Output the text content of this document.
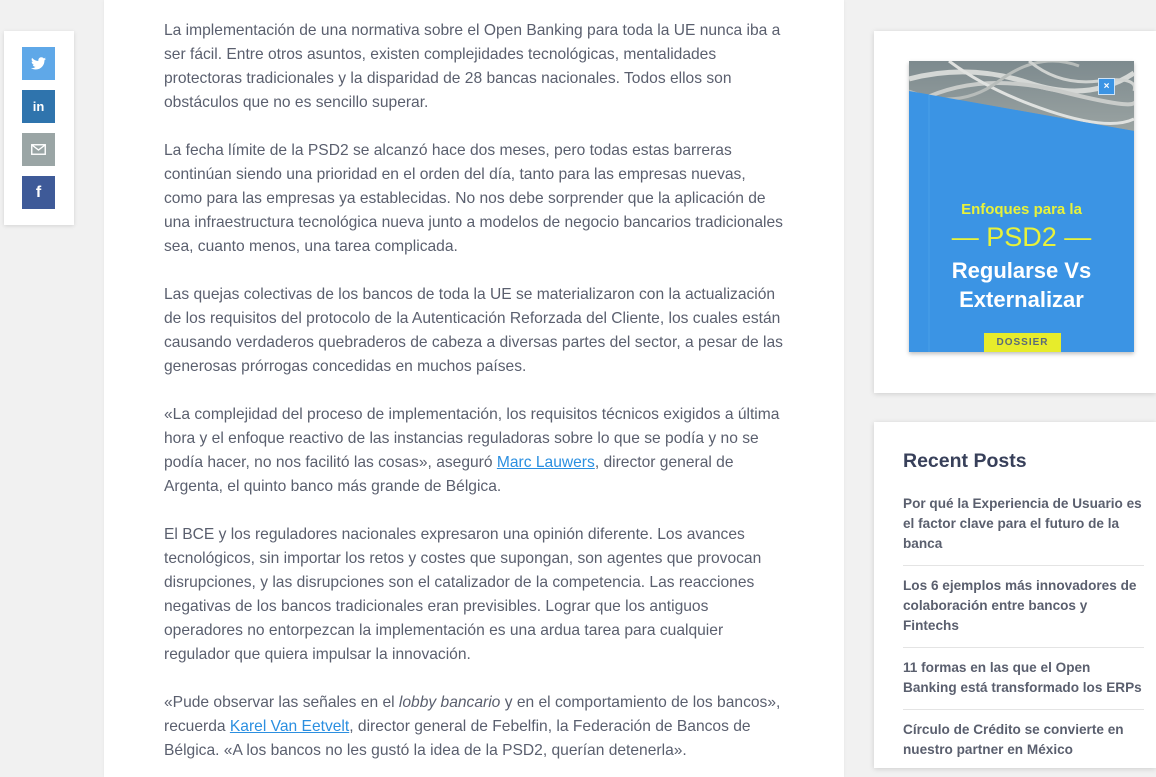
in
f

La implementación de una normativa sobre el Open Banking para toda la UE nunca iba a ser fácil. Entre otros asuntos, existen complejidades tecnológicas, mentalidades protectoras tradicionales y la disparidad de 28 bancas nacionales. Todos ellos son obstáculos que no es sencillo superar.

La fecha límite de la PSD2 se alcanzó hace dos meses, pero todas estas barreras continúan siendo una prioridad en el orden del día, tanto para las empresas nuevas, como para las empresas ya establecidas. No nos debe sorprender que la aplicación de una infraestructura tecnológica nueva junto a modelos de negocio bancarios tradicionales sea, cuanto menos, una tarea complicada.

Las quejas colectivas de los bancos de toda la UE se materializaron con la actualización de los requisitos del protocolo de la Autenticación Reforzada del Cliente, los cuales están causando verdaderos quebraderos de cabeza a diversas partes del sector, a pesar de las generosas prórrogas concedidas en muchos países.

«La complejidad del proceso de implementación, los requisitos técnicos exigidos a última hora y el enfoque reactivo de las instancias reguladoras sobre lo que se podía y no se podía hacer, no nos facilitó las cosas», aseguró Marc Lauwers, director general de Argenta, el quinto banco más grande de Bélgica.

El BCE y los reguladores nacionales expresaron una opinión diferente. Los avances tecnológicos, sin importar los retos y costes que supongan, son agentes que provocan disrupciones, y las disrupciones son el catalizador de la competencia. Las reacciones negativas de los bancos tradicionales eran previsibles. Lograr que los antiguos operadores no entorpezcan la implementación es una ardua tarea para cualquier regulador que quiera impulsar la innovación.

«Pude observar las señales en el lobby bancario y en el comportamiento de los bancos», recuerda Karel Van Eetvelt, director general de Febelfin, la Federación de Bancos de Bélgica. «A los bancos no les gustó la idea de la PSD2, querían detenerla».

×
Enfoques para la
— PSD2 —
Regularse Vs
Externalizar
DOSSIER
Recent Posts
Por qué la Experiencia de Usuario es el factor clave para el futuro de la banca
Los 6 ejemplos más innovadores de colaboración entre bancos y Fintechs
11 formas en las que el Open Banking está transformado los ERPs
Círculo de Crédito se convierte en nuestro partner en México
